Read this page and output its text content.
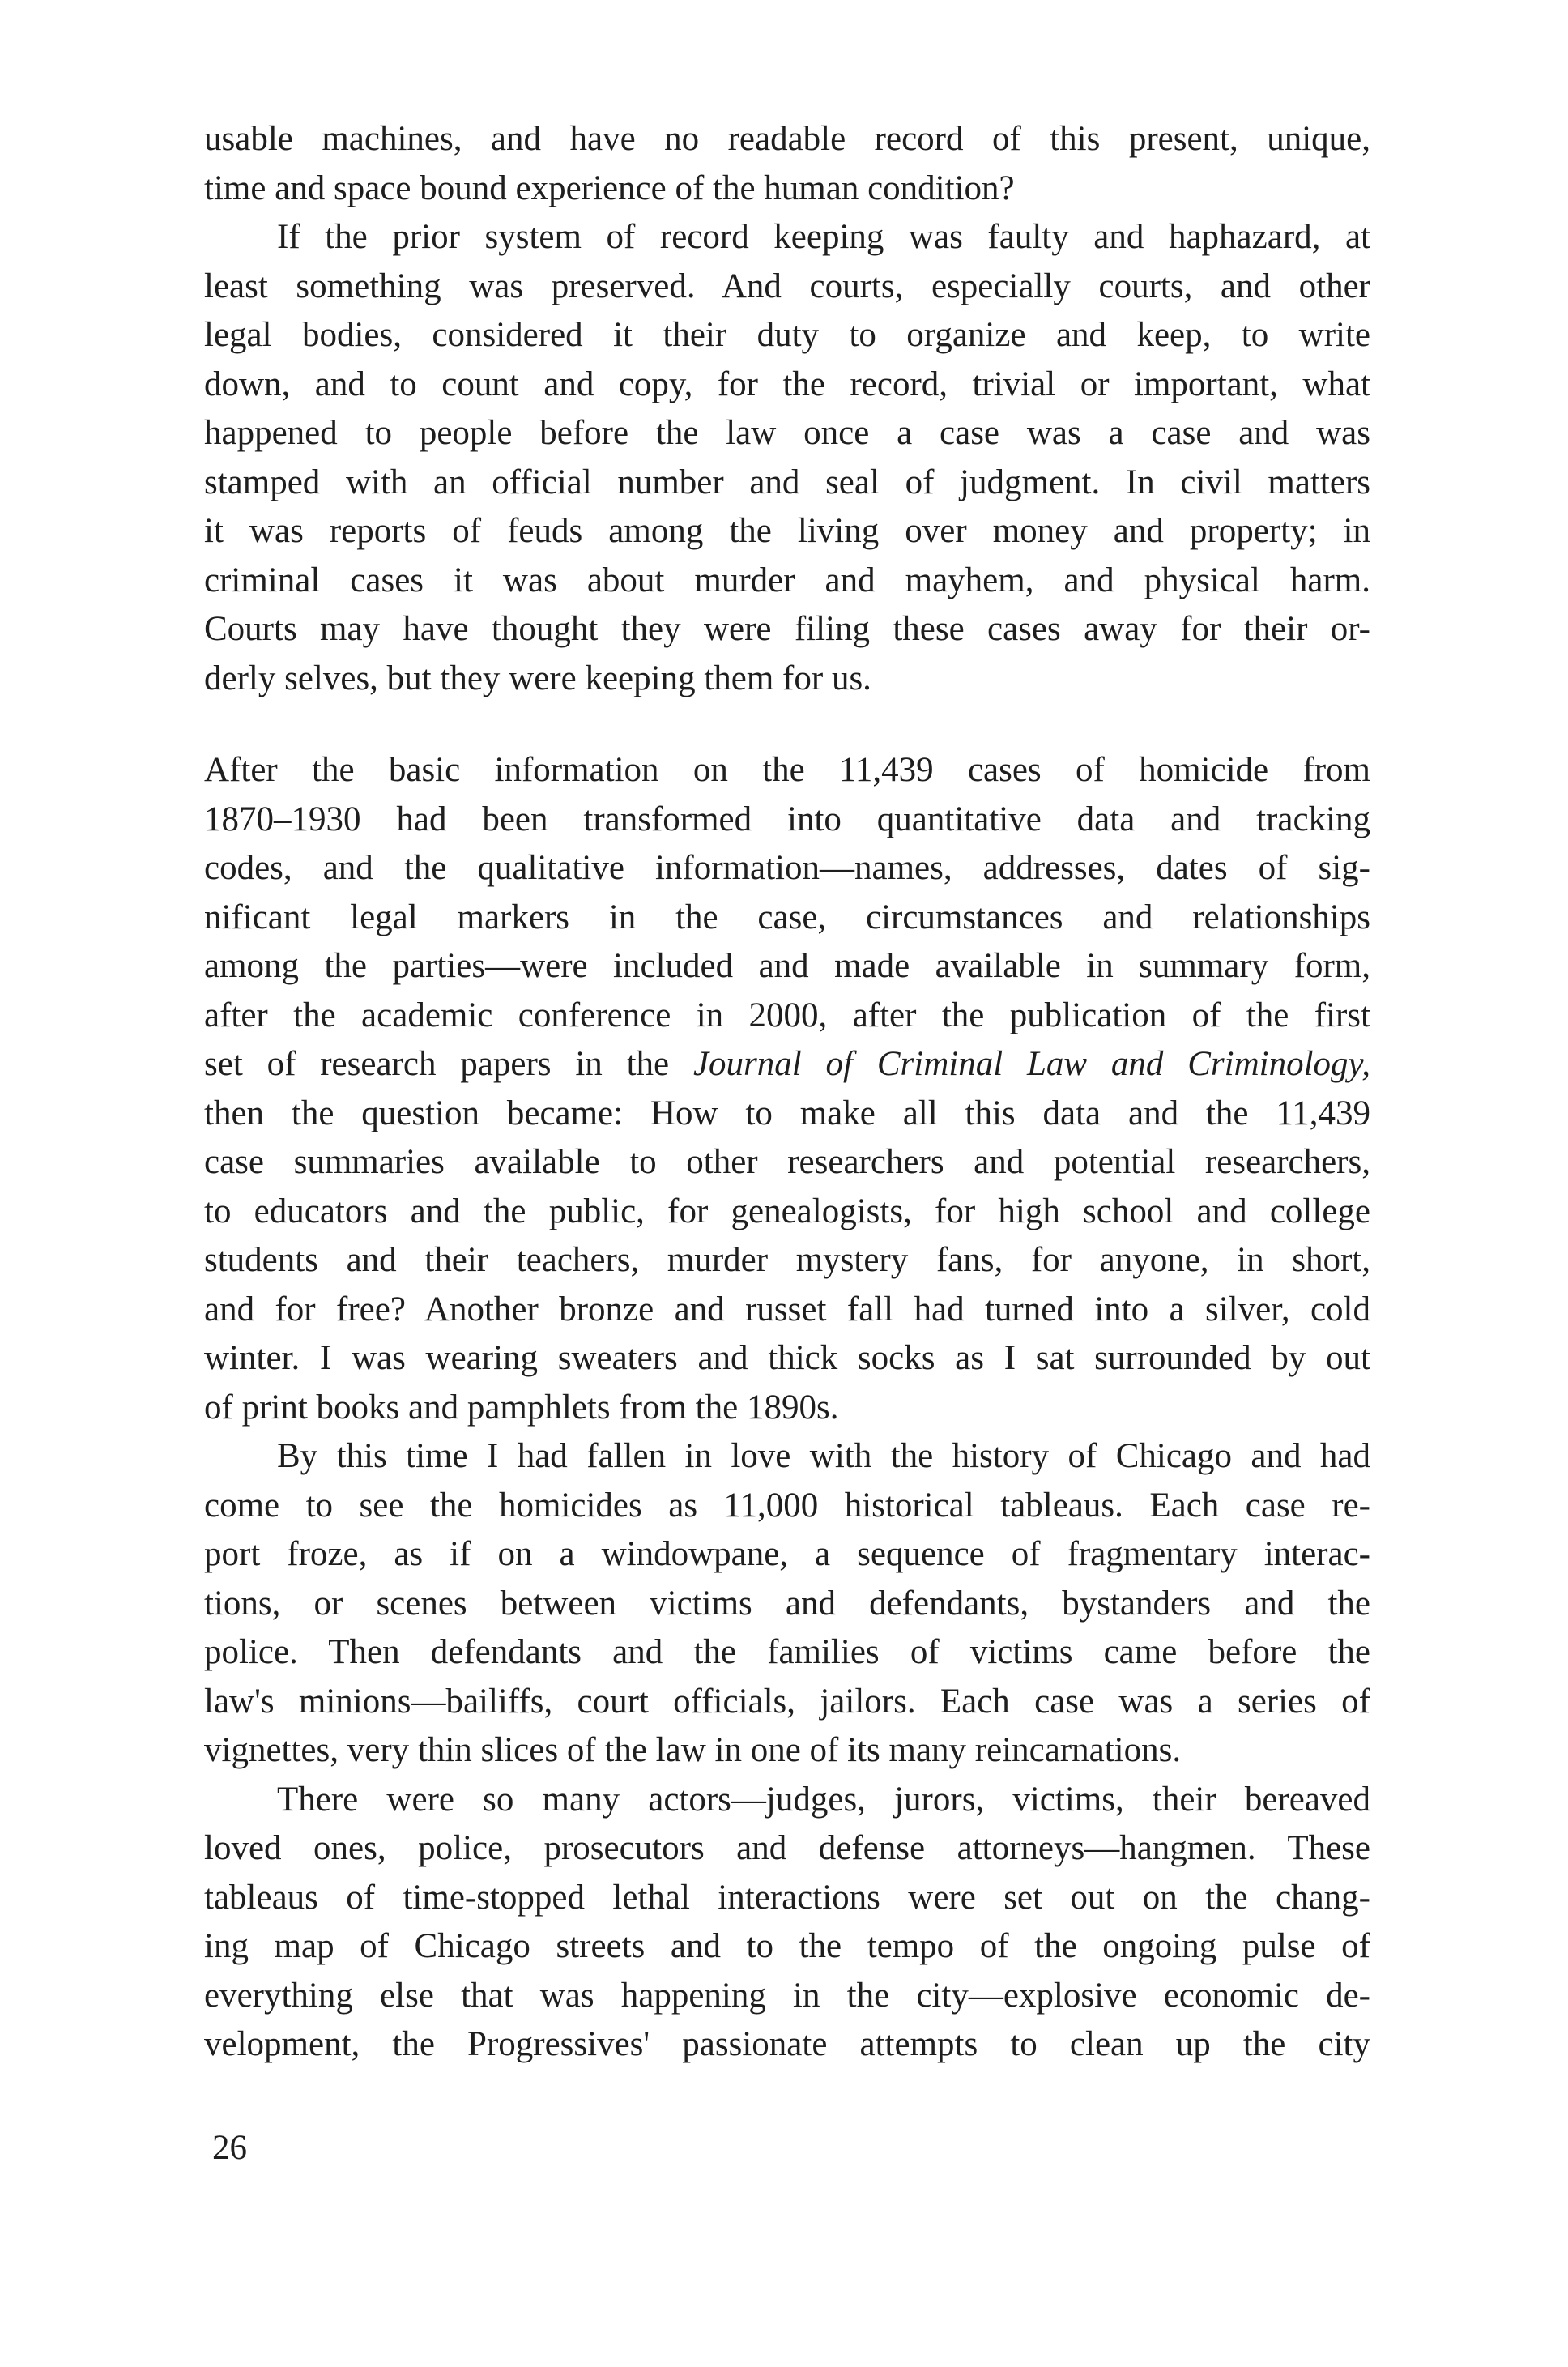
usable machines, and have no readable record of this present, unique,
time and space bound experience of the human condition?
If the prior system of record keeping was faulty and haphazard, at
least something was preserved. And courts, especially courts, and other
legal bodies, considered it their duty to organize and keep, to write
down, and to count and copy, for the record, trivial or important, what
happened to people before the law once a case was a case and was
stamped with an official number and seal of judgment. In civil matters
it was reports of feuds among the living over money and property; in
criminal cases it was about murder and mayhem, and physical harm.
Courts may have thought they were filing these cases away for their or-
derly selves, but they were keeping them for us.
After the basic information on the 11,439 cases of homicide from
1870–1930 had been transformed into quantitative data and tracking
codes, and the qualitative information—names, addresses, dates of sig-
nificant legal markers in the case, circumstances and relationships
among the parties—were included and made available in summary form,
after the academic conference in 2000, after the publication of the first
set of research papers in the Journal of Criminal Law and Criminology,
then the question became: How to make all this data and the 11,439
case summaries available to other researchers and potential researchers,
to educators and the public, for genealogists, for high school and college
students and their teachers, murder mystery fans, for anyone, in short,
and for free? Another bronze and russet fall had turned into a silver, cold
winter. I was wearing sweaters and thick socks as I sat surrounded by out
of print books and pamphlets from the 1890s.
By this time I had fallen in love with the history of Chicago and had
come to see the homicides as 11,000 historical tableaus. Each case re-
port froze, as if on a windowpane, a sequence of fragmentary interac-
tions, or scenes between victims and defendants, bystanders and the
police. Then defendants and the families of victims came before the
law's minions—bailiffs, court officials, jailors. Each case was a series of
vignettes, very thin slices of the law in one of its many reincarnations.
There were so many actors—judges, jurors, victims, their bereaved
loved ones, police, prosecutors and defense attorneys—hangmen. These
tableaus of time-stopped lethal interactions were set out on the chang-
ing map of Chicago streets and to the tempo of the ongoing pulse of
everything else that was happening in the city—explosive economic de-
velopment, the Progressives' passionate attempts to clean up the city
26
